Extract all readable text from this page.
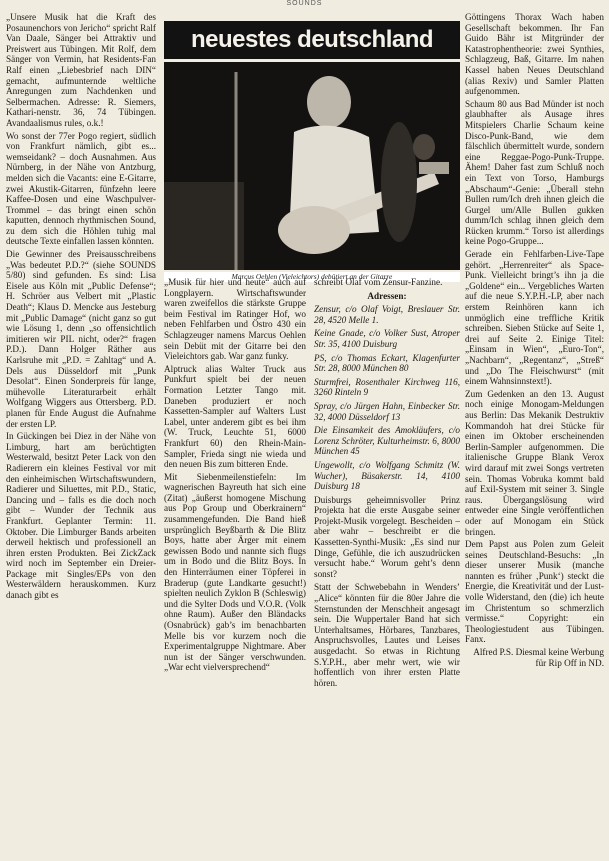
SOUNDS

„Unsere Musik hat die Kraft des Posaunenchors von Jericho“ spricht Ralf Van Daale, Sänger bei Attraktiv und Preiswert aus Tübingen. Mit Rolf, dem Sänger von Vermin, hat Residents-Fan Ralf einen „Liebesbrief nach DIN“ gemacht, aufmunternde weltliche Anregungen zum Nachdenken und Selbermachen. Adresse: R. Siemers, Kathari-nenstr. 36, 74 Tübingen. Avandaalismus rules, o.k.!

Wo sonst der 77er Pogo regiert, südlich von Frankfurt nämlich, gibt es... wemseidank? – doch Ausnahmen. Aus Nürnberg, in der Nähe von Antzburg, melden sich die Vacants: eine E-Gitarre, zwei Akustik-Gitarren, fünfzehn leere Kaffee-Dosen und eine Waschpulver-Trommel – das bringt einen schön kaputten, dennoch rhythmischen Sound, zu dem sich die Höhlen tuhig mal deutsche Texte einfallen lassen könnten.

Die Gewinner des Preisausschreibens „Was bedeutet P.D.?“ (siehe SOUNDS 5/80) sind gefunden. Es sind: Lisa Eisele aus Köln mit „Public Defense“; H. Schröer aus Velbert mit „Plastic Death“; Klaus D. Mencke aus Jesteburg mit „Public Damage“ (nicht ganz so gut wie Lösung 1, denn „so offensichtlich imitieren wir PIL nicht, oder?“ fragen P.D.). Dann Holger Räther aus Karlsruhe mit „P.D. = Zahltag“ und A. Dels aus Düsseldorf mit „Punk Desolat“. Einen Sonderpreis für lange, mühevolle Literaturarbeit erhält Wolfgang Wiggers aus Ottersberg. P.D. planen für Ende August die Aufnahme der ersten LP.

In Gückingen bei Diez in der Nähe von Limburg, hart am berüchtigten Westerwald, besitzt Peter Lack von den Radierern ein kleines Festival vor mit den einheimischen Wirtschaftswundern, Radierer und Siluettes, mit P.D., Static, Dancing und – falls es die doch noch gibt – Wunder der Technik aus Frankfurt. Geplanter Termin: 11. Oktober. Die Limburger Bands arbeiten derweil hektisch und professionell an ihren ersten Produkten. Bei ZickZack wird noch im September ein Dreier-Package mit Singles/EPs von den Westerwäldern herauskommen. Kurz danach gibt es

neuestes deutschland
Marcus Oehlen (Vieleichtors) debütiert an der Gitarre

„Musik für hier und heute“ auch auf Longplayern. Wirtschaftswunder waren zweifellos die stärkste Gruppe beim Festival im Ratinger Hof, wo neben Fehlfarben und Östro 430 ein Schlagzeuger namens Marcus Oehlen sein Debüt mit der Gitarre bei den Vieleichtors gab. War ganz funky.

Alptruck alias Walter Truck aus Punkfurt spielt bei der neuen Formation Letzter Tango mit. Daneben produziert er noch Kassetten-Sampler auf Walters Lust Label, unter anderem gibt es bei ihm (W. Truck, Leuchte 51, 6000 Frankfurt 60) den Rhein-Main-Sampler, Frieda singt nie wieda und den neuen Bis zum bitteren Ende.

Mit Siebenmeilenstiefeln: Im wagnerischen Bayreuth hat sich eine (Zitat) „äußerst homogene Mischung aus Pop Group und Oberkrainern“ zusammengefunden. Die Band hieß ursprünglich Beyßbarth & Die Blitz Boys, hatte aber Ärger mit einem gewissen Bodo und nannte sich flugs um in Bodo und die Blitz Boys. In den Hinterräumen einer Töpferei in Braderup (gute Landkarte gesucht!) spielten neulich Zyklon B (Schleswig) und die Sylter Dods und V.O.R. (Volk ohne Raum). Außer den Bländacks (Osnabrück) gab’s im benachbarten Melle bis vor kurzem noch die Experimentalgruppe Nightmare. Aber nun ist der Sänger verschwunden. „War echt vielversprechend“

schreibt Olaf vom Zensur-Fanzine.

Adressen:

Zensur, c/o Olaf Voigt, Breslauer Str. 28, 4520 Melle 1.

Keine Gnade, c/o Volker Sust, Atroper Str. 35, 4100 Duisburg

PS, c/o Thomas Eckart, Klagenfurter Str. 28, 8000 München 80

Sturmfrei, Rosenthaler Kirchweg 116, 3260 Rinteln 9

Spray, c/o Jürgen Hahn, Einbecker Str. 32, 4000 Düsseldorf 13

Die Einsamkeit des Amokläufers, c/o Lorenz Schröter, Kulturheimstr. 6, 8000 München 45

Ungewollt, c/o Wolfgang Schmitz (W. Wucher), Büsakerstr. 14, 4100 Duisburg 18

Duisburgs geheimnisvoller Prinz Projekta hat die erste Ausgabe seiner Projekt-Musik vorgelegt. Bescheiden – aber wahr – beschreibt er die Kassetten-Synthi-Musik: „Es sind nur Dinge, Gefühle, die ich auszudrücken versucht habe.“ Worum geht’s denn sonst?

Statt der Schwebebahn in Wenders’ „Alice“ könnten für die 80er Jahre die Sternstunden der Menschheit angesagt sein. Die Wuppertaler Band hat sich Unterhaltsames, Hörbares, Tanzbares, Anspruchsvolles, Lautes und Leises ausgedacht. So etwas in Richtung S.Y.P.H., aber mehr wert, wie wir hoffentlich von ihrer ersten Platte hören.

Göttingens Thorax Wach haben Gesellschaft bekommen. Ihr Fan Guido Bähr ist Mitgründer der Katastrophentheorie: zwei Synthies, Schlagzeug, Baß, Gitarre. Im nahen Kassel haben Neues Deutschland (alias Rexiv) und Samler Platten aufgenommen.

Schaum 80 aus Bad Münder ist noch glaubhafter als Ausage ihres Mitspielers Charlie Schaum keine Disco-Punk-Band, wie dem fälschlich übermittelt wurde, sondern eine Reggae-Pogo-Punk-Truppe. Ähem! Daher fast zum Schluß noch ein Text von Torso, Hamburgs „Abschaum“-Genie: „Überall stehn Bullen rum/Ich dreh ihnen gleich die Gurgel um/Alle Bullen gukken dumm/Ich schlag ihnen gleich dem Rücken krumm.“ Torso ist allerdings keine Pogo-Gruppe...

Gerade ein Fehlfarben-Live-Tape gehört. „Herrenreiter“ als Space-Punk. Vielleicht bringt’s ihn ja die „Goldene“ ein... Vergebliches Warten auf die neue S.Y.P.H.-LP, aber nach erstem Reinhören kann ich unmöglich eine treffliche Kritik schreiben. Sieben Stücke auf Seite 1, drei auf Seite 2. Einige Titel: „Einsam in Wien“, „Euro-Ton“, „Nachbarn“, „Regentanz“, „Streß“ und „Do The Fleischwurst“ (mit einem Wahnsinnstext!).

Zum Gedenken an den 13. August noch einige Monogam-Meldungen aus Berlin: Das Mekanik Destruktiv Kommandoh hat drei Stücke für einen im Oktober erscheinenden Berlin-Sampler aufgenommen. Die italienische Gruppe Blank Verox wird darauf mit zwei Songs vertreten sein. Thomas Vobruka kommt bald auf Exil-System mit seiner 3. Single raus. Übergangslösung wird entweder eine Single veröffentlichen oder auf Monogam ein Stück bringen.

Dem Papst aus Polen zum Geleit seines Deutschland-Besuchs: „In dieser unserer Musik (manche nannten es früher ‚Punk‘) steckt die Energie, die Kreativität und der Lust-volle Widerstand, den (die) ich heute im Christentum so schmerzlich vermisse.“ Copyright: ein Theologiestudent aus Tübingen. Fanx.

Alfred P.S. Diesmal keine Werbung für Rip Off in ND.
